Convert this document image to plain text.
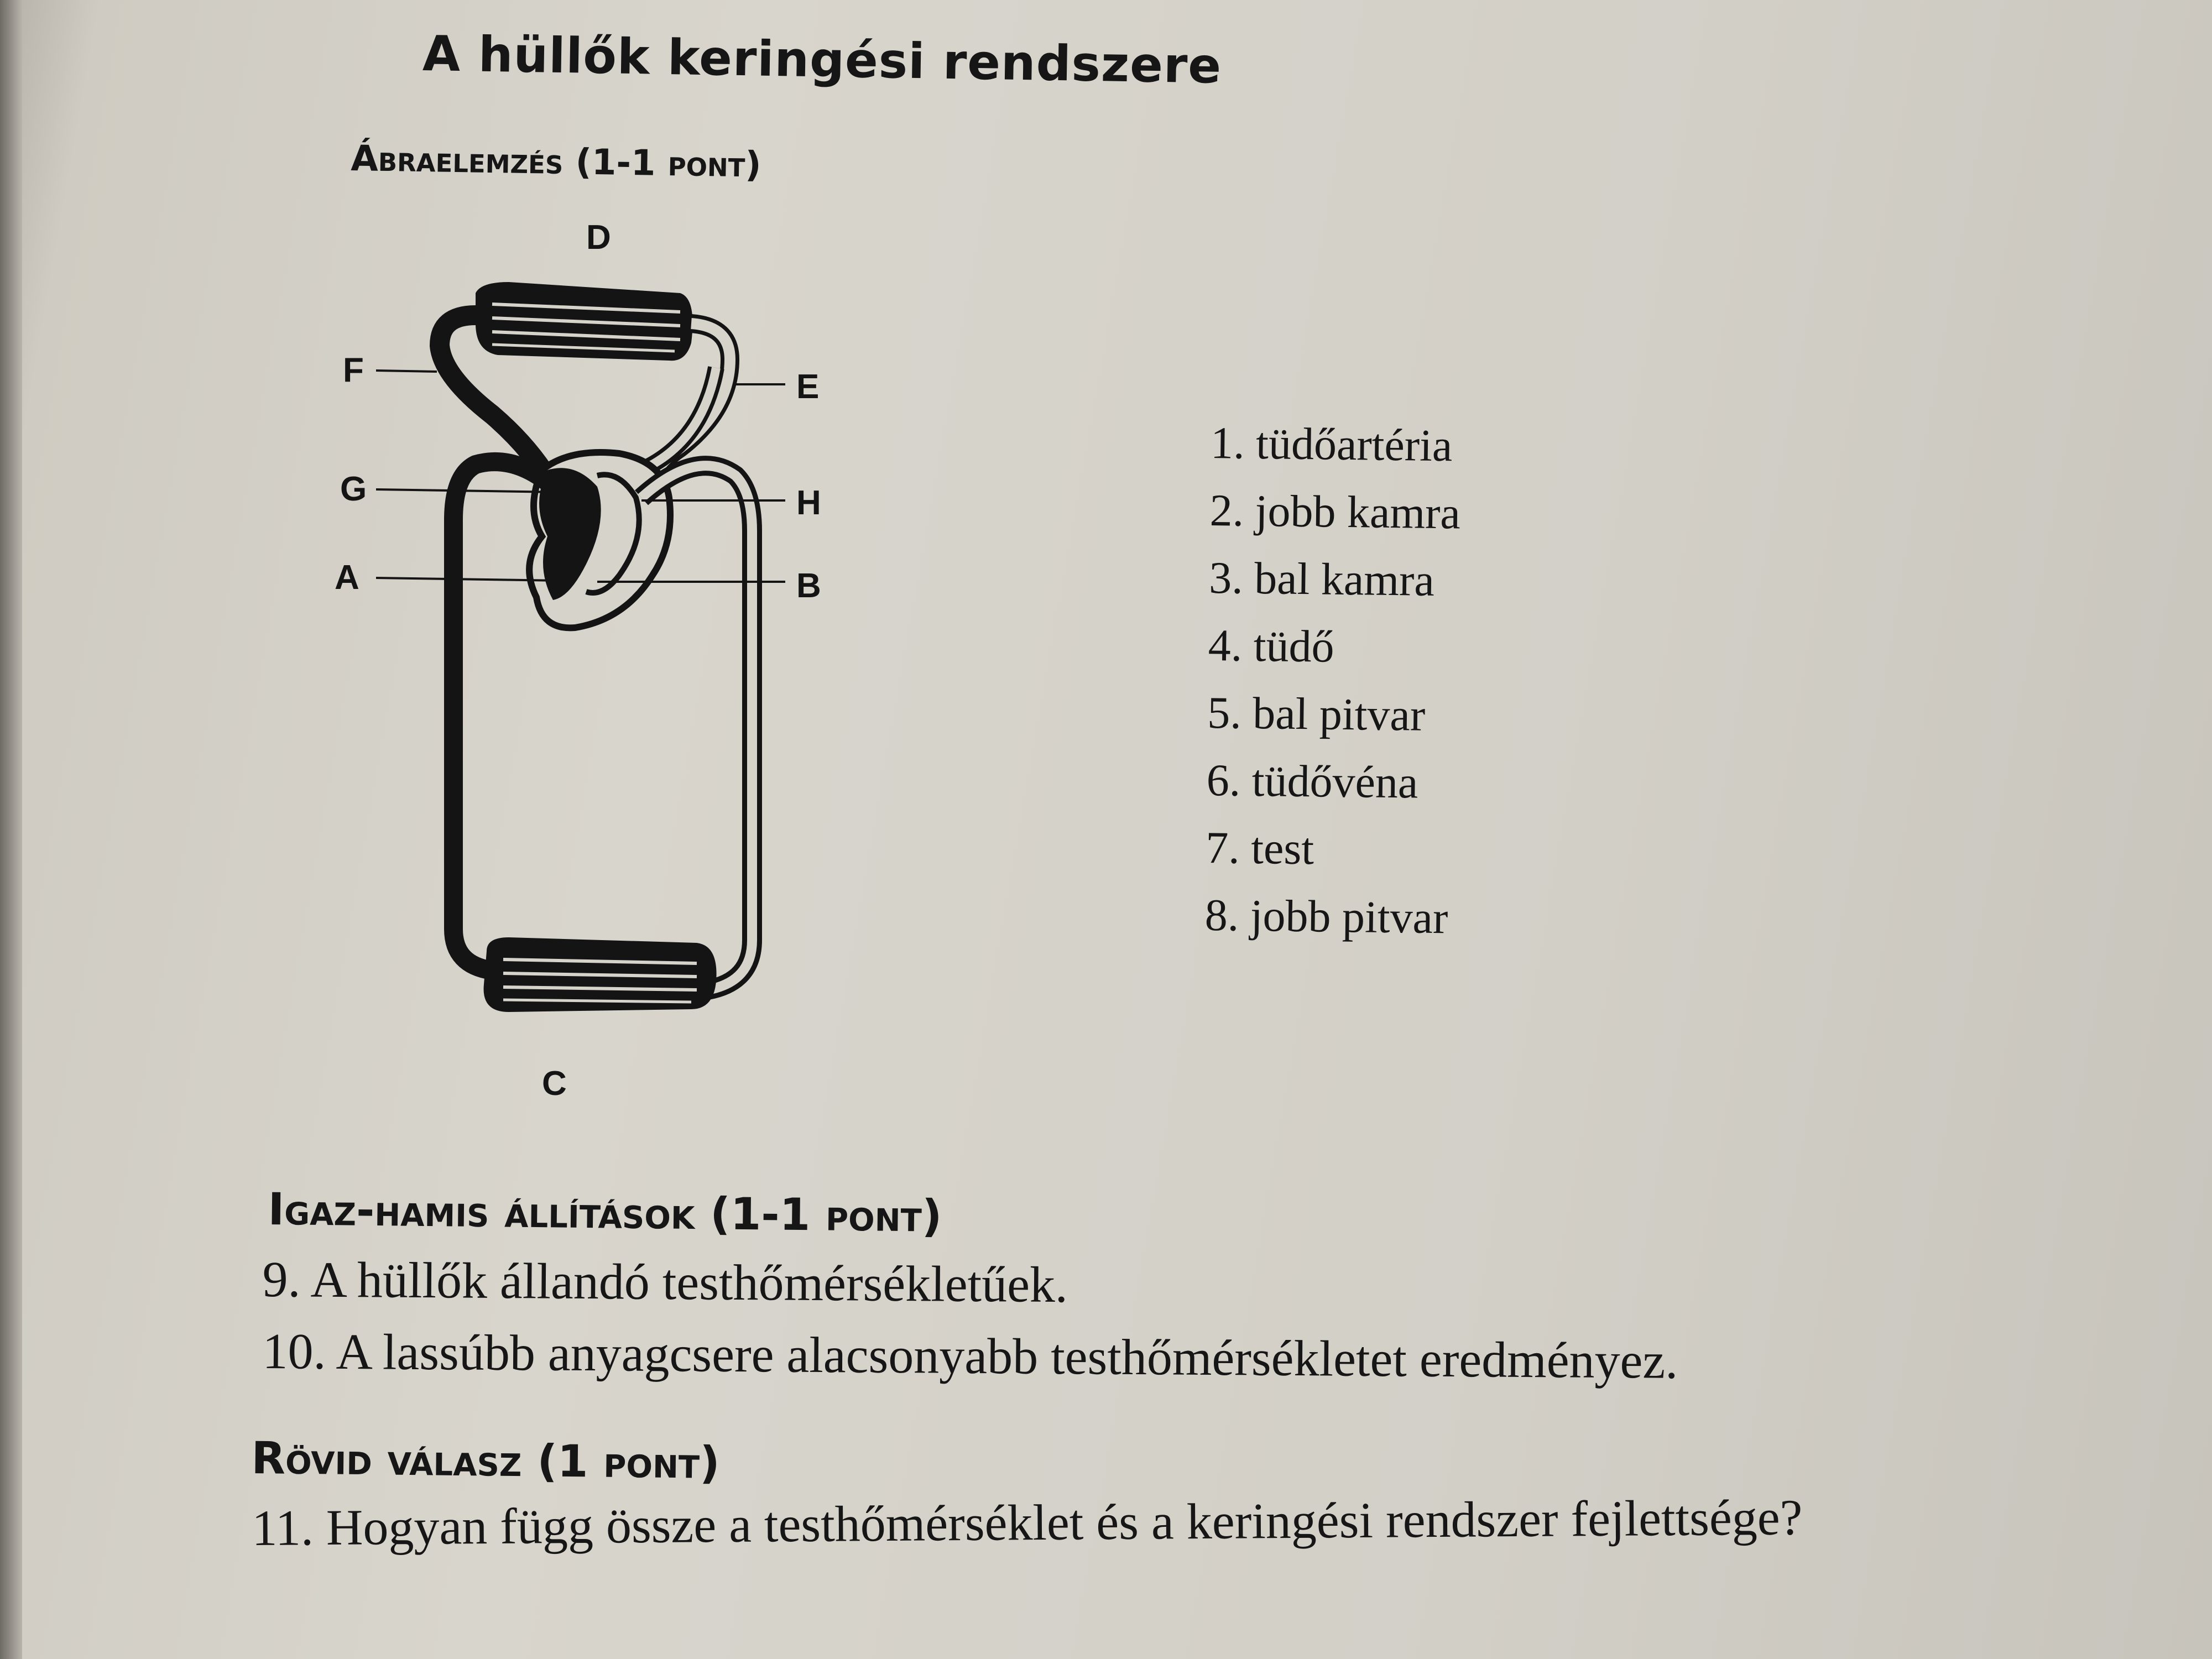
A hüllők keringési rendszere
Ábraelemzés (1-1 pont)
D
F	E
G	H
A	B
C
1. tüdőartéria
2. jobb kamra
3. bal kamra
4. tüdő
5. bal pitvar
6. tüdővéna
7. test
8. jobb pitvar
Igaz-hamis állítások (1-1 pont)
9. A hüllők állandó testhőmérsékletűek.
10. A lassúbb anyagcsere alacsonyabb testhőmérsékletet eredményez.
Rövid válasz (1 pont)
11. Hogyan függ össze a testhőmérséklet és a keringési rendszer fejlettsége?
